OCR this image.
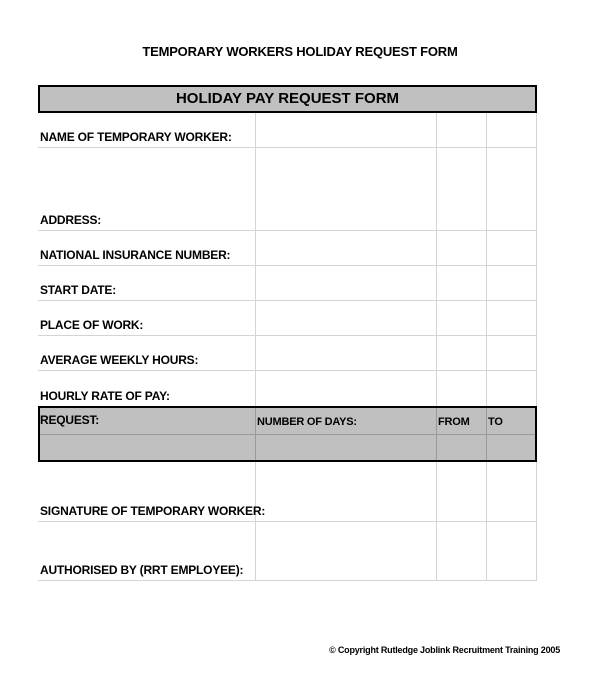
TEMPORARY WORKERS HOLIDAY REQUEST FORM
HOLIDAY PAY REQUEST FORM
NAME OF TEMPORARY WORKER:
ADDRESS:
NATIONAL INSURANCE NUMBER:
START DATE:
PLACE OF WORK:
AVERAGE WEEKLY HOURS:
HOURLY RATE OF PAY:
REQUEST:	NUMBER OF DAYS:	FROM TO
SIGNATURE OF TEMPORARY WORKER:
AUTHORISED BY (RRT EMPLOYEE):
© Copyright Rutledge Joblink Recruitment Training 2005
